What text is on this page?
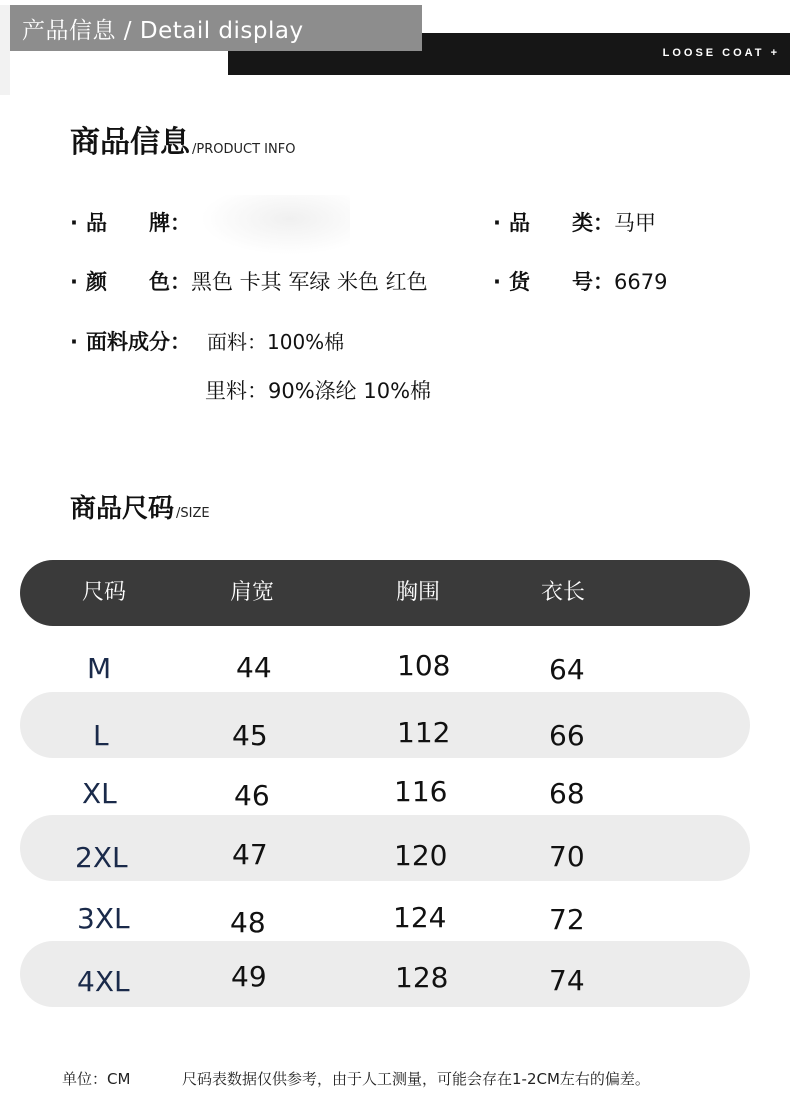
LOOSE COAT +
产品信息 / Detail display
商品信息 /PRODUCT INFO
· 品　　牌：	· 品　　类：马甲
· 颜　　色：黑色 卡其 军绿 米色 红色	· 货　　号：6679
· 面料成分： 面料：100%棉
里料：90%涤纶 10%棉
商品尺码 /SIZE
尺码	肩宽	胸围	衣长
M	44	108	64
L	45	112	66
XL	46	116	68
2XL	47	120	70
3XL	48	124	72
4XL	49	128	74
单位：CM	尺码表数据仅供参考，由于人工测量，可能会存在1-2CM左右的偏差。
